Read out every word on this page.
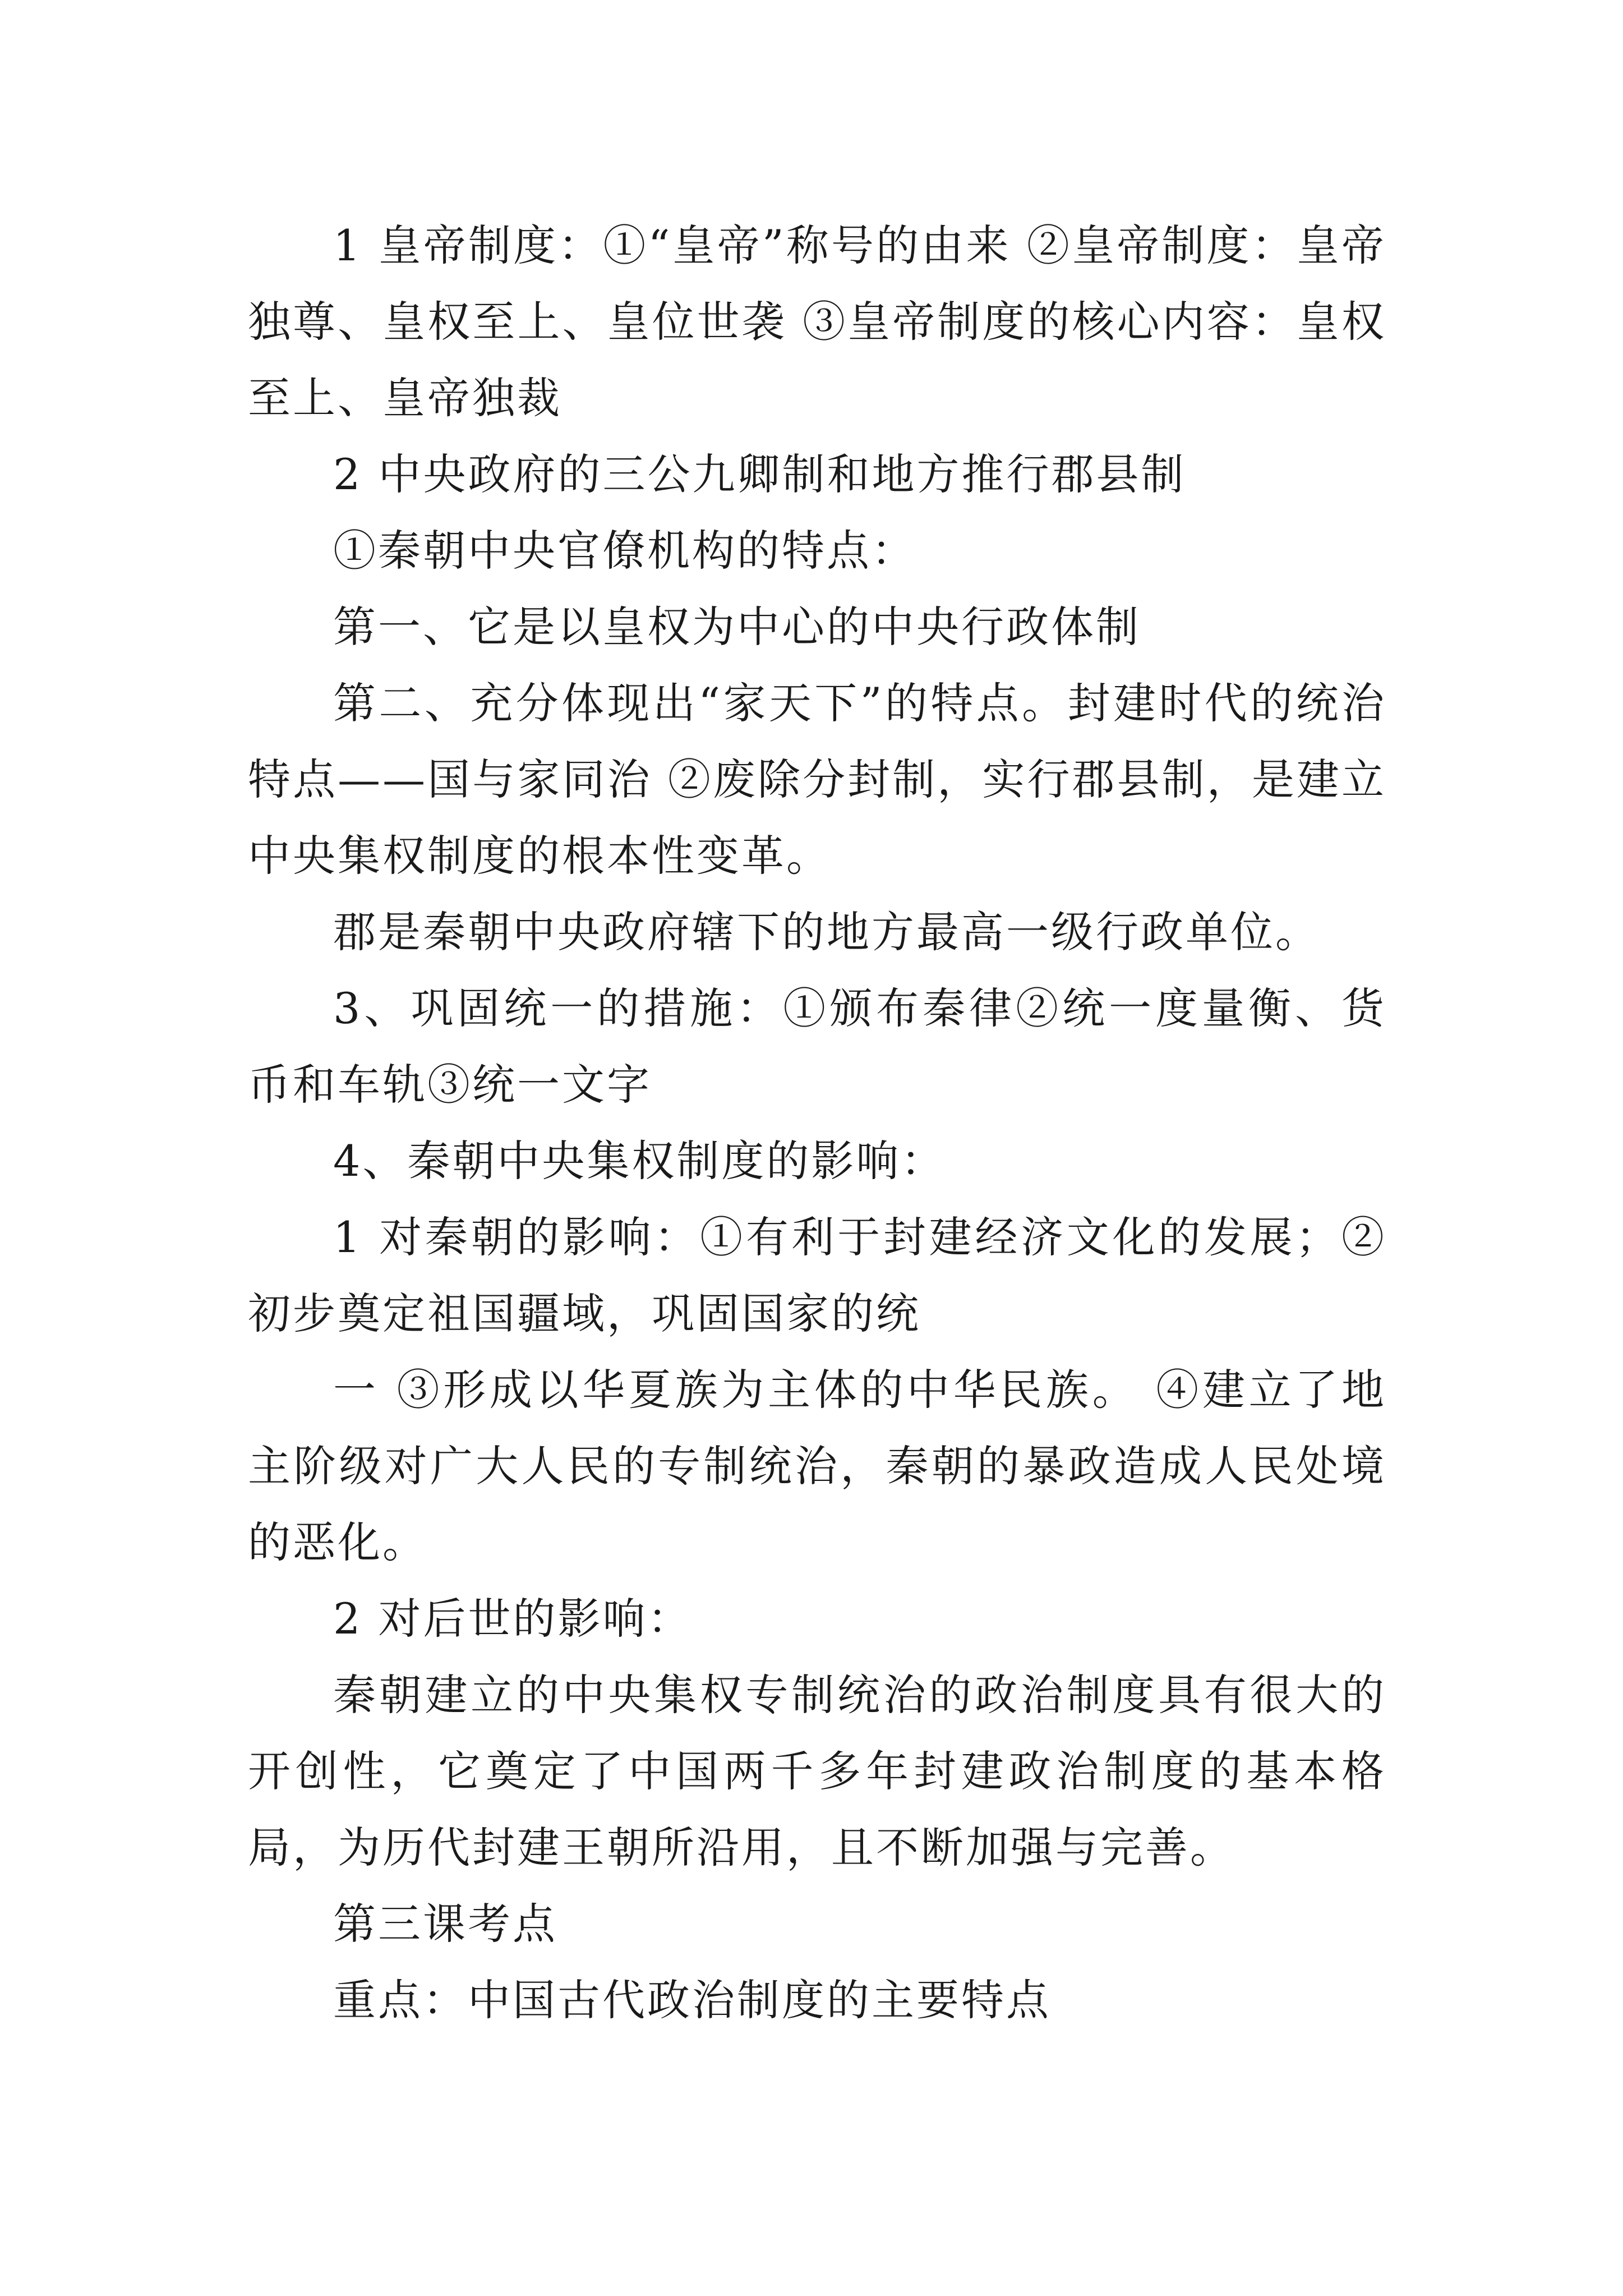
1 皇帝制度：①“皇帝”称号的由来 ②皇帝制度：皇帝独尊、皇权至上、皇位世袭 ③皇帝制度的核心内容：皇权至上、皇帝独裁

2 中央政府的三公九卿制和地方推行郡县制

①秦朝中央官僚机构的特点：

第一、它是以皇权为中心的中央行政体制

第二、充分体现出“家天下”的特点。封建时代的统治特点——国与家同治 ②废除分封制，实行郡县制，是建立中央集权制度的根本性变革。

郡是秦朝中央政府辖下的地方最高一级行政单位。

3、巩固统一的措施：①颁布秦律②统一度量衡、货币和车轨③统一文字

4、秦朝中央集权制度的影响：

1 对秦朝的影响：①有利于封建经济文化的发展；②初步奠定祖国疆域，巩固国家的统

一 ③形成以华夏族为主体的中华民族。 ④建立了地主阶级对广大人民的专制统治，秦朝的暴政造成人民处境的恶化。

2 对后世的影响：

秦朝建立的中央集权专制统治的政治制度具有很大的开创性，它奠定了中国两千多年封建政治制度的基本格局，为历代封建王朝所沿用，且不断加强与完善。

第三课考点

重点：中国古代政治制度的主要特点
